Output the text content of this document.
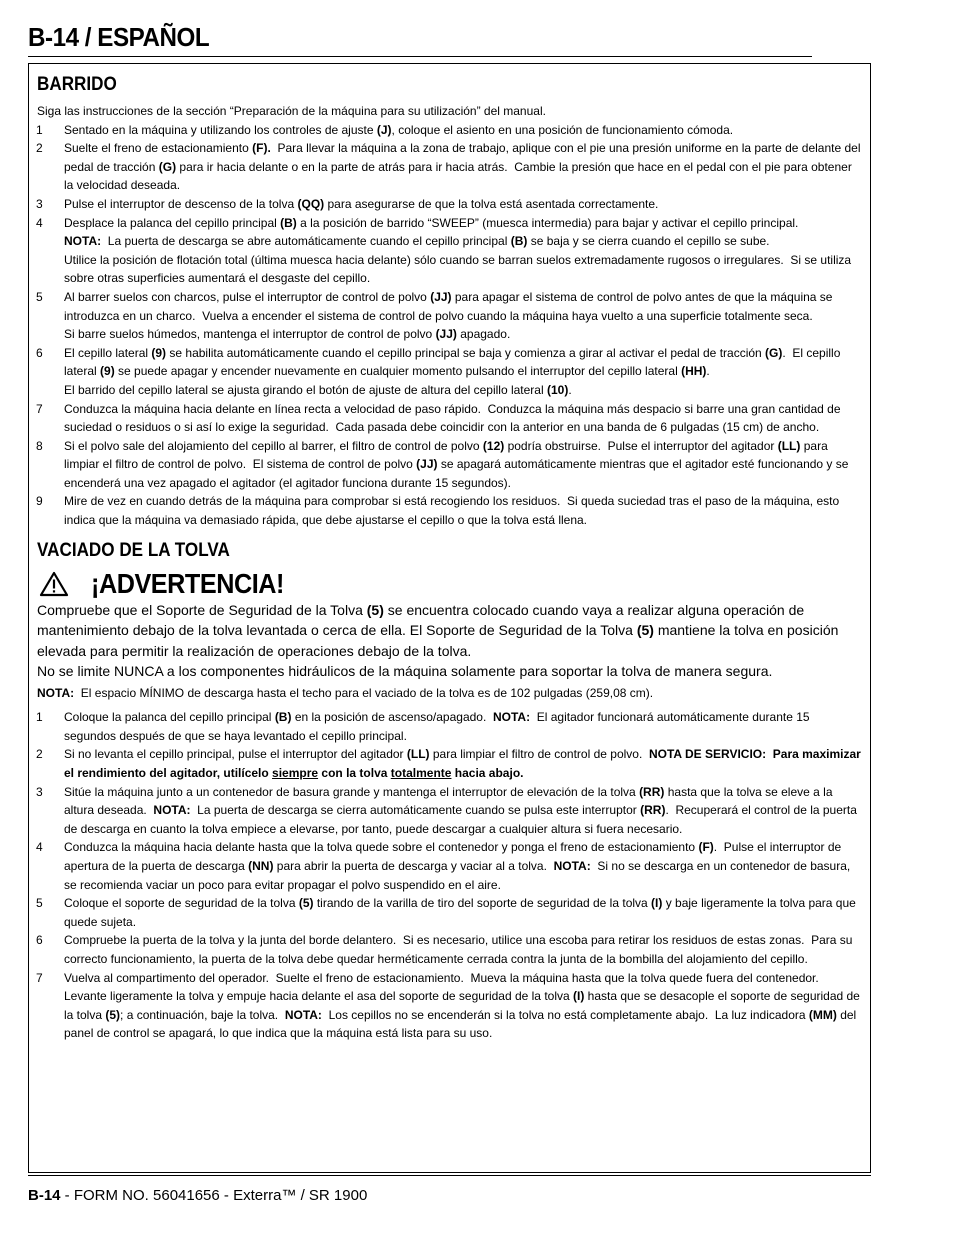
B-14 / ESPAÑOL
BARRIDO

Siga las instrucciones de la sección “Preparación de la máquina para su utilización” del manual.

1 Sentado en la máquina y utilizando los controles de ajuste (J), coloque el asiento en una posición de funcionamiento cómoda.
2 Suelte el freno de estacionamiento (F).  Para llevar la máquina a la zona de trabajo, aplique con el pie una presión uniforme en la parte de delante del pedal de tracción (G) para ir hacia delante o en la parte de atrás para ir hacia atrás.  Cambie la presión que hace en el pedal con el pie para obtener la velocidad deseada.
3 Pulse el interruptor de descenso de la tolva (QQ) para asegurarse de que la tolva está asentada correctamente.
4 Desplace la palanca del cepillo principal (B) a la posición de barrido “SWEEP” (muesca intermedia) para bajar y activar el cepillo principal.
NOTA:  La puerta de descarga se abre automáticamente cuando el cepillo principal (B) se baja y se cierra cuando el cepillo se sube.
Utilice la posición de flotación total (última muesca hacia delante) sólo cuando se barran suelos extremadamente rugosos o irregulares.  Si se utiliza sobre otras superficies aumentará el desgaste del cepillo.
5 Al barrer suelos con charcos, pulse el interruptor de control de polvo (JJ) para apagar el sistema de control de polvo antes de que la máquina se introduzca en un charco.  Vuelva a encender el sistema de control de polvo cuando la máquina haya vuelto a una superficie totalmente seca.
Si barre suelos húmedos, mantenga el interruptor de control de polvo (JJ) apagado.
6 El cepillo lateral (9) se habilita automáticamente cuando el cepillo principal se baja y comienza a girar al activar el pedal de tracción (G).  El cepillo lateral (9) se puede apagar y encender nuevamente en cualquier momento pulsando el interruptor del cepillo lateral (HH).
El barrido del cepillo lateral se ajusta girando el botón de ajuste de altura del cepillo lateral (10).
7 Conduzca la máquina hacia delante en línea recta a velocidad de paso rápido.  Conduzca la máquina más despacio si barre una gran cantidad de suciedad o residuos o si así lo exige la seguridad.  Cada pasada debe coincidir con la anterior en una banda de 6 pulgadas (15 cm) de ancho.
8 Si el polvo sale del alojamiento del cepillo al barrer, el filtro de control de polvo (12) podría obstruirse.  Pulse el interruptor del agitador (LL) para limpiar el filtro de control de polvo.  El sistema de control de polvo (JJ) se apagará automáticamente mientras que el agitador esté funcionando y se encenderá una vez apagado el agitador (el agitador funciona durante 15 segundos).
9 Mire de vez en cuando detrás de la máquina para comprobar si está recogiendo los residuos.  Si queda suciedad tras el paso de la máquina, esto indica que la máquina va demasiado rápida, que debe ajustarse el cepillo o que la tolva está llena.
VACIADO DE LA TOLVA
¡ADVERTENCIA!

Compruebe que el Soporte de Seguridad de la Tolva (5) se encuentra colocado cuando vaya a realizar alguna operación de mantenimiento debajo de la tolva levantada o cerca de ella. El Soporte de Seguridad de la Tolva (5) mantiene la tolva en posición elevada para permitir la realización de operaciones debajo de la tolva.
No se limite NUNCA a los componentes hidráulicos de la máquina solamente para soportar la tolva de manera segura.

NOTA:  El espacio MÍNIMO de descarga hasta el techo para el vaciado de la tolva es de 102 pulgadas (259,08 cm).

1 Coloque la palanca del cepillo principal (B) en la posición de ascenso/apagado.  NOTA:  El agitador funcionará automáticamente durante 15 segundos después de que se haya levantado el cepillo principal.
2 Si no levanta el cepillo principal, pulse el interruptor del agitador (LL) para limpiar el filtro de control de polvo.  NOTA DE SERVICIO:  Para maximizar el rendimiento del agitador, utilícelo siempre con la tolva totalmente hacia abajo.
3 Sitúe la máquina junto a un contenedor de basura grande y mantenga el interruptor de elevación de la tolva (RR) hasta que la tolva se eleve a la altura deseada.  NOTA:  La puerta de descarga se cierra automáticamente cuando se pulsa este interruptor (RR).  Recuperará el control de la puerta de descarga en cuanto la tolva empiece a elevarse, por tanto, puede descargar a cualquier altura si fuera necesario.
4 Conduzca la máquina hacia delante hasta que la tolva quede sobre el contenedor y ponga el freno de estacionamiento (F).  Pulse el interruptor de apertura de la puerta de descarga (NN) para abrir la puerta de descarga y vaciar al a tolva.  NOTA:  Si no se descarga en un contenedor de basura, se recomienda vaciar un poco para evitar propagar el polvo suspendido en el aire.
5 Coloque el soporte de seguridad de la tolva (5) tirando de la varilla de tiro del soporte de seguridad de la tolva (I) y baje ligeramente la tolva para que quede sujeta.
6 Compruebe la puerta de la tolva y la junta del borde delantero.  Si es necesario, utilice una escoba para retirar los residuos de estas zonas.  Para su correcto funcionamiento, la puerta de la tolva debe quedar herméticamente cerrada contra la junta de la bombilla del alojamiento del cepillo.
7 Vuelva al compartimento del operador.  Suelte el freno de estacionamiento.  Mueva la máquina hasta que la tolva quede fuera del contenedor.  Levante ligeramente la tolva y empuje hacia delante el asa del soporte de seguridad de la tolva (I) hasta que se desacople el soporte de seguridad de la tolva (5); a continuación, baje la tolva.  NOTA:  Los cepillos no se encenderán si la tolva no está completamente abajo.  La luz indicadora (MM) del panel de control se apagará, lo que indica que la máquina está lista para su uso.
B-14 - FORM NO. 56041656 - Exterra™ / SR 1900
